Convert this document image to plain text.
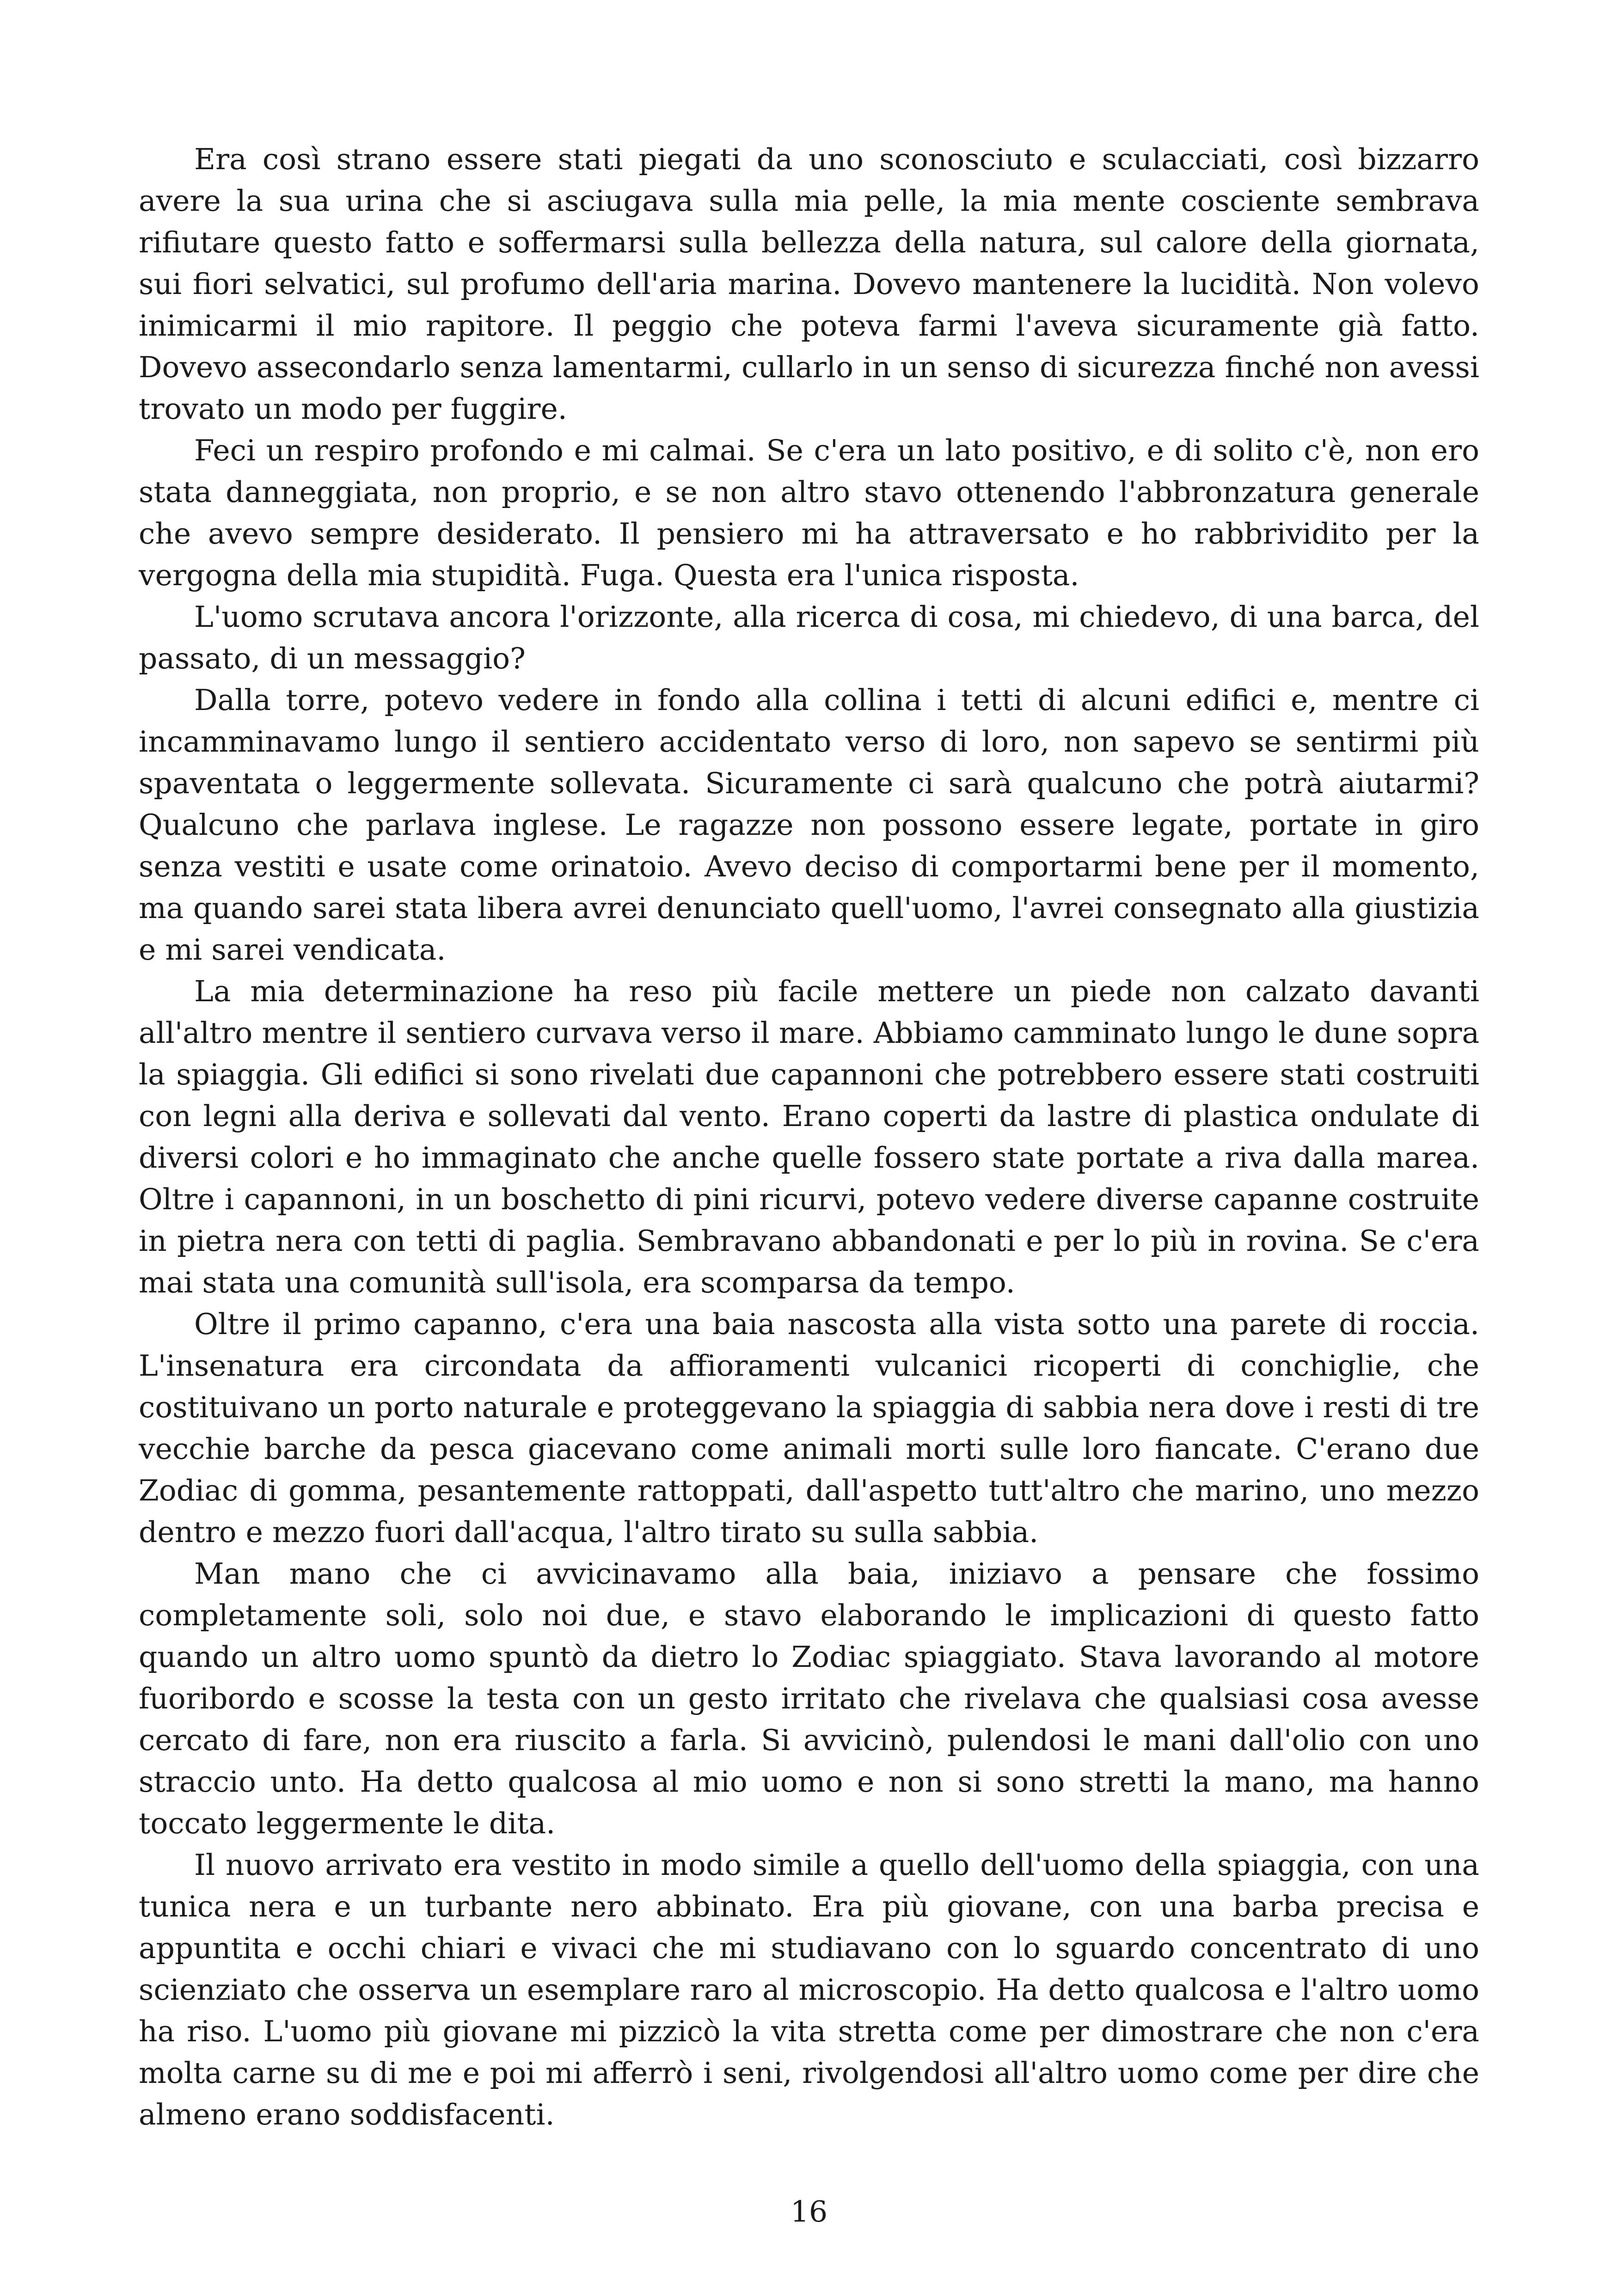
Era così strano essere stati piegati da uno sconosciuto e sculacciati, così bizzarro avere la sua urina che si asciugava sulla mia pelle, la mia mente cosciente sembrava rifiutare questo fatto e soffermarsi sulla bellezza della natura, sul calore della giornata, sui fiori selvatici, sul profumo dell'aria marina. Dovevo mantenere la lucidità. Non volevo inimicarmi il mio rapitore. Il peggio che poteva farmi l'aveva sicuramente già fatto. Dovevo assecondarlo senza lamentarmi, cullarlo in un senso di sicurezza finché non avessi trovato un modo per fuggire.

Feci un respiro profondo e mi calmai. Se c'era un lato positivo, e di solito c'è, non ero stata danneggiata, non proprio, e se non altro stavo ottenendo l'abbronzatura generale che avevo sempre desiderato. Il pensiero mi ha attraversato e ho rabbrividito per la vergogna della mia stupidità. Fuga. Questa era l'unica risposta.

L'uomo scrutava ancora l'orizzonte, alla ricerca di cosa, mi chiedevo, di una barca, del passato, di un messaggio?

Dalla torre, potevo vedere in fondo alla collina i tetti di alcuni edifici e, mentre ci incamminavamo lungo il sentiero accidentato verso di loro, non sapevo se sentirmi più spaventata o leggermente sollevata. Sicuramente ci sarà qualcuno che potrà aiutarmi? Qualcuno che parlava inglese. Le ragazze non possono essere legate, portate in giro senza vestiti e usate come orinatoio. Avevo deciso di comportarmi bene per il momento, ma quando sarei stata libera avrei denunciato quell'uomo, l'avrei consegnato alla giustizia e mi sarei vendicata.

La mia determinazione ha reso più facile mettere un piede non calzato davanti all'altro mentre il sentiero curvava verso il mare. Abbiamo camminato lungo le dune sopra la spiaggia. Gli edifici si sono rivelati due capannoni che potrebbero essere stati costruiti con legni alla deriva e sollevati dal vento. Erano coperti da lastre di plastica ondulate di diversi colori e ho immaginato che anche quelle fossero state portate a riva dalla marea. Oltre i capannoni, in un boschetto di pini ricurvi, potevo vedere diverse capanne costruite in pietra nera con tetti di paglia. Sembravano abbandonati e per lo più in rovina. Se c'era mai stata una comunità sull'isola, era scomparsa da tempo.

Oltre il primo capanno, c'era una baia nascosta alla vista sotto una parete di roccia. L'insenatura era circondata da affioramenti vulcanici ricoperti di conchiglie, che costituivano un porto naturale e proteggevano la spiaggia di sabbia nera dove i resti di tre vecchie barche da pesca giacevano come animali morti sulle loro fiancate. C'erano due Zodiac di gomma, pesantemente rattoppati, dall'aspetto tutt'altro che marino, uno mezzo dentro e mezzo fuori dall'acqua, l'altro tirato su sulla sabbia.

Man mano che ci avvicinavamo alla baia, iniziavo a pensare che fossimo completamente soli, solo noi due, e stavo elaborando le implicazioni di questo fatto quando un altro uomo spuntò da dietro lo Zodiac spiaggiato. Stava lavorando al motore fuoribordo e scosse la testa con un gesto irritato che rivelava che qualsiasi cosa avesse cercato di fare, non era riuscito a farla. Si avvicinò, pulendosi le mani dall'olio con uno straccio unto. Ha detto qualcosa al mio uomo e non si sono stretti la mano, ma hanno toccato leggermente le dita.

Il nuovo arrivato era vestito in modo simile a quello dell'uomo della spiaggia, con una tunica nera e un turbante nero abbinato. Era più giovane, con una barba precisa e appuntita e occhi chiari e vivaci che mi studiavano con lo sguardo concentrato di uno scienziato che osserva un esemplare raro al microscopio. Ha detto qualcosa e l'altro uomo ha riso. L'uomo più giovane mi pizzicò la vita stretta come per dimostrare che non c'era molta carne su di me e poi mi afferrò i seni, rivolgendosi all'altro uomo come per dire che almeno erano soddisfacenti.

16
